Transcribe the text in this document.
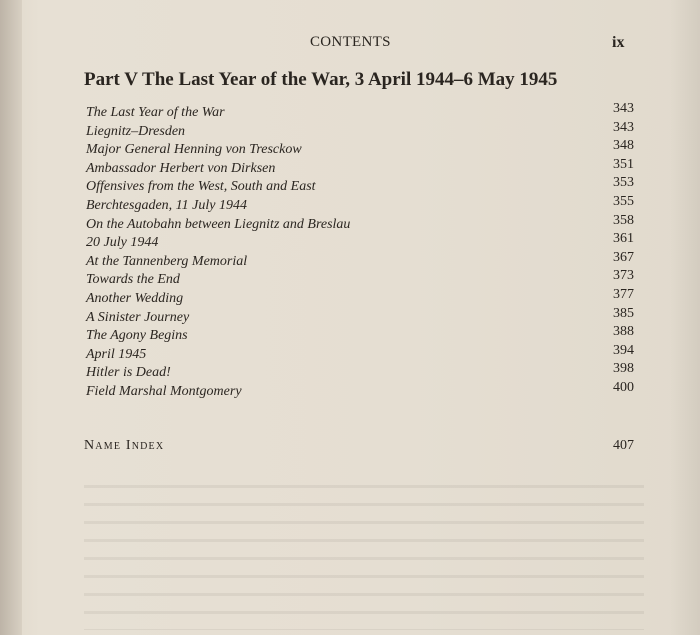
CONTENTS	ix
Part V The Last Year of the War, 3 April 1944–6 May 1945
The Last Year of the War	343
Liegnitz–Dresden	343
Major General Henning von Tresckow	348
Ambassador Herbert von Dirksen	351
Offensives from the West, South and East	353
Berchtesgaden, 11 July 1944	355
On the Autobahn between Liegnitz and Breslau	358
20 July 1944	361
At the Tannenberg Memorial	367
Towards the End	373
Another Wedding	377
A Sinister Journey	385
The Agony Begins	388
April 1945	394
Hitler is Dead!	398
Field Marshal Montgomery	400
Name Index	407
